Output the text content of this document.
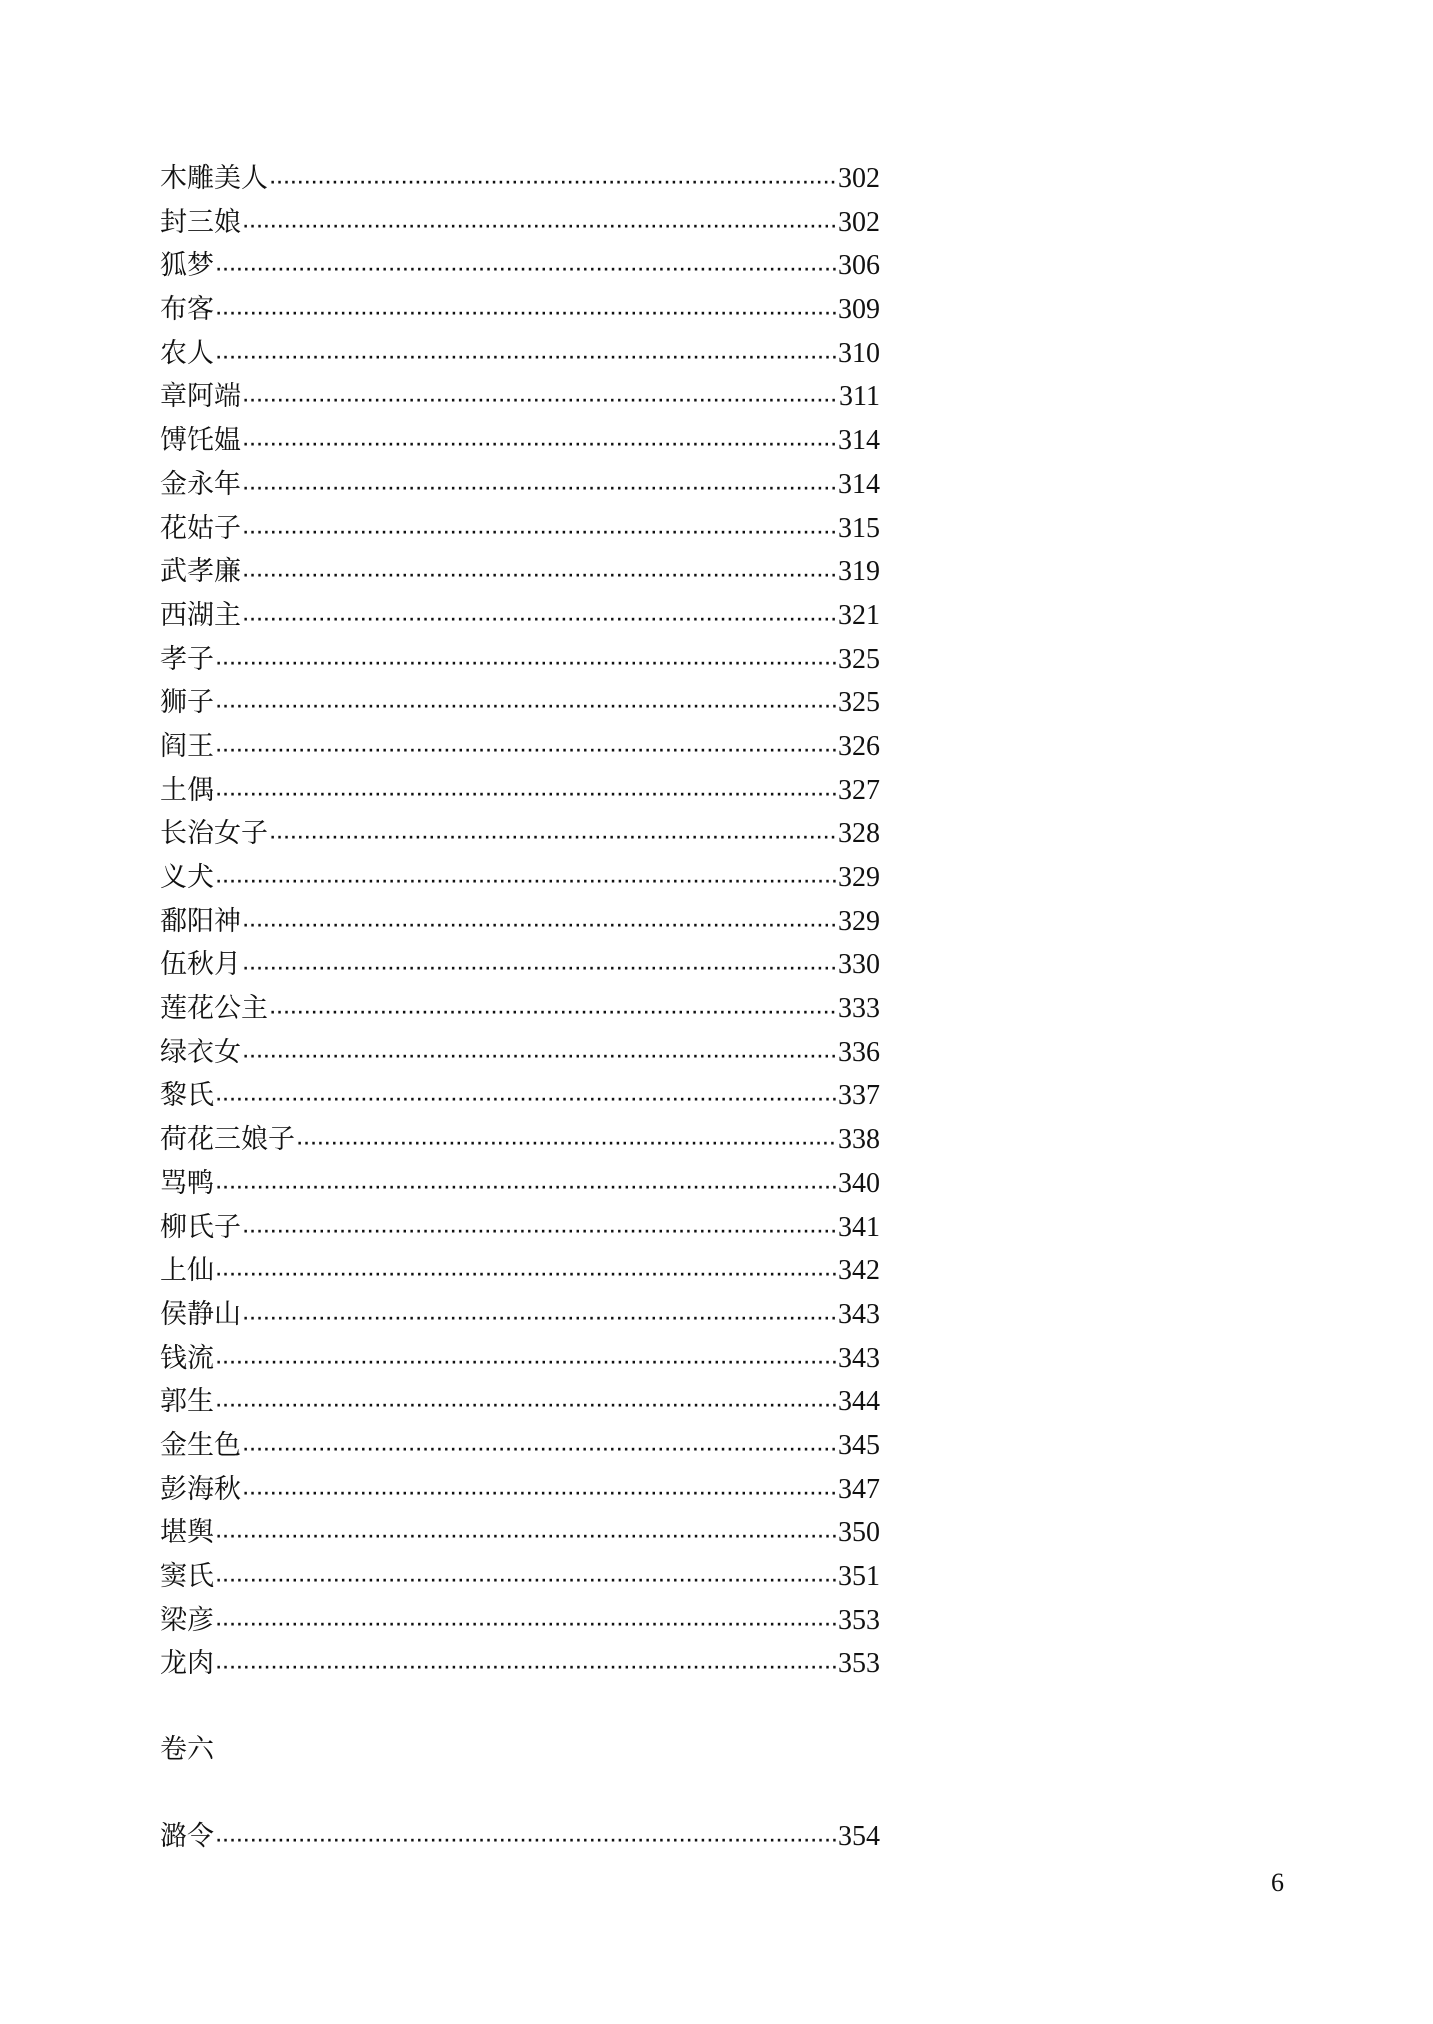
木雕美人 ·····	302
封三娘 ·····	302
狐梦 ·····	306
布客 ·····	309
农人 ·····	310
章阿端 ·····	311
馎饦媪 ·····	314
金永年 ·····	314
花姑子 ·····	315
武孝廉 ·····	319
西湖主 ·····	321
孝子 ·····	325
狮子 ·····	325
阎王 ·····	326
土偶 ·····	327
长治女子 ·····	328
义犬 ·····	329
鄱阳神 ·····	329
伍秋月 ·····	330
莲花公主 ·····	333
绿衣女 ·····	336
黎氏 ·····	337
荷花三娘子 ·····	338
骂鸭 ·····	340
柳氏子 ·····	341
上仙 ·····	342
侯静山 ·····	343
钱流 ·····	343
郭生 ·····	344
金生色 ·····	345
彭海秋 ·····	347
堪舆 ·····	350
窦氏 ·····	351
梁彦 ·····	353
龙肉 ·····	353
卷六
潞令 ·····	354
6
